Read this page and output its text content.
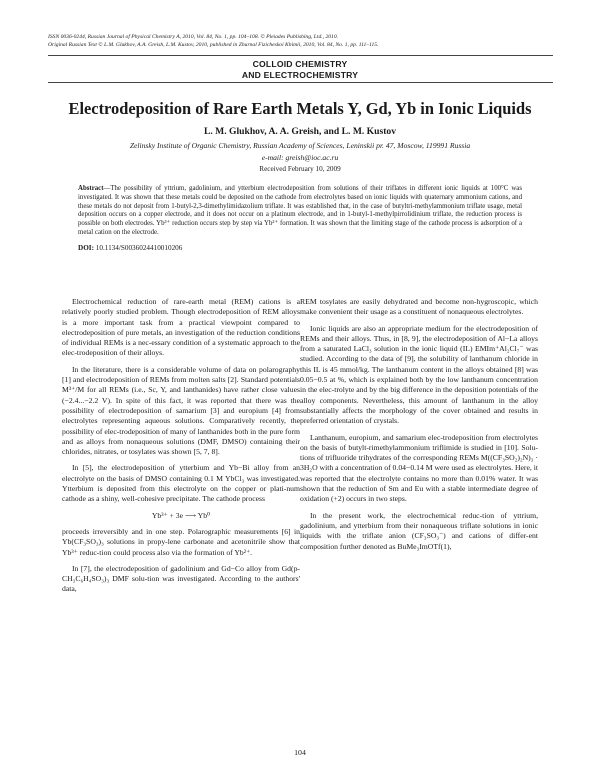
ISSN 0036-0244, Russian Journal of Physical Chemistry A, 2010, Vol. 84, No. 1, pp. 104–108. © Pleiades Publishing, Ltd., 2010.
Original Russian Text © L.M. Glukhov, A.A. Greish, L.M. Kustov, 2010, published in Zhurnal Fizicheskoi Khimii, 2010, Vol. 84, No. 1, pp. 111–115.
COLLOID CHEMISTRY
AND ELECTROCHEMISTRY
Electrodeposition of Rare Earth Metals Y, Gd, Yb in Ionic Liquids
L. M. Glukhov, A. A. Greish, and L. M. Kustov
Zelinsky Institute of Organic Chemistry, Russian Academy of Sciences, Leninskii pr. 47, Moscow, 119991 Russia
e-mail: greish@ioc.ac.ru
Received February 10, 2009
Abstract—The possibility of yttrium, gadolinium, and ytterbium electrodeposition from solutions of their triflates in different ionic liquids at 100°C was investigated. It was shown that these metals could be deposited on the cathode from electrolytes based on ionic liquids with quaternary ammonium cations, and these metals do not deposit from 1-butyl-2,3-dimethylimidazolium triflate. It was established that, in the case of butyltri-methylammonium triflate usage, metal deposition occurs on a copper electrode, and it does not occur on a platinum electrode, and in 1-butyl-1-methylpirrolidinium triflate, the reduction process is possible on both electrodes. Yb³⁺ reduction occurs step by step via Yb²⁺ formation. It was shown that the limiting stage of the cathode process is adsorption of a metal cation on the electrode.
DOI: 10.1134/S0036024410010206

Electrochemical reduction of rare-earth metal (REM) cations is a relatively poorly studied problem. Though electrodeposition of REM alloys is a more important task from a practical viewpoint compared to electrodeposition of pure metals, an investigation of the reduction conditions of individual REMs is a nec-essary condition of a systematic approach to the elec-trodeposition of their alloys.

In the literature, there is a considerable volume of data on polarography [1] and electrodeposition of REMs from molten salts [2]. Standard potentials M³⁺/M for all REMs (i.e., Sc, Y, and lanthanides) have rather close values (−2.4...−2.2 V). In spite of this fact, it was reported that there was the possibility of electrodeposition of samarium [3] and europium [4] from electrolytes representing aqueous solutions. Comparatively recently, the possibility of elec-trodeposition of many of lanthanides both in the pure form and as alloys from nonaqueous solutions (DMF, DMSO) containing their chlorides, nitrates, or tosylates was shown [5, 7, 8].

In [5], the electrodeposition of ytterbium and Yb−Bi alloy from an electrolyte on the basis of DMSO containing 0.1 M YbCl₃ was investigated. Ytterbium is deposited from this electrolyte on the copper or plati-num cathode as a shiny, well-cohesive precipitate. The cathode process

Yb³⁺ + 3e ⟶ Yb⁰

proceeds irreversibly and in one step. Polarographic measurements [6] in Yb(CF₃SO₃)₃ solutions in propy-lene carbonate and acetonitrile show that Yb³⁺ reduc-tion could process also via the formation of Yb²⁺.

In [7], the electrodeposition of gadolinium and Gd−Co alloy from Gd(p-CH₃C₆H₄SO₃)₃ DMF solu-tion was investigated. According to the authors' data,

REM tosylates are easily dehydrated and become non-hygroscopic, which make convenient their usage as a constituent of nonaqueous electrolytes.

Ionic liquids are also an appropriate medium for the electrodeposition of REMs and their alloys. Thus, in [8, 9], the electrodeposition of Al−La alloys from a saturated LaCl₃ solution in the ionic liquid (IL) EMIm⁺Al₂Cl₇⁻ was studied. According to the data of [9], the solubility of lanthanum chloride in this IL is 45 mmol/kg. The lanthanum content in the alloys obtained [8] was 0.05−0.5 at %, which is explained both by the low lanthanum concentration in the elec-trolyte and by the big difference in the deposition potentials of the alloy components. Nevertheless, this amount of lanthanum in the alloy substantially affects the morphology of the cover obtained and results in preferred orientation of crystals.

Lanthanum, europium, and samarium elec-trodeposition from electrolytes on the basis of butylt-rimethylammonium triflimide is studied in [10]. Solu-tions of trifluoride trihydrates of the corresponding REMs M((CF₃SO₂)₂N)₃ · 3H₂O with a concentration of 0.04−0.14 M were used as electrolytes. Here, it was reported that the electrolyte contains no more than 0.01% water. It was shown that the reduction of Sm and Eu with a stable intermediate degree of oxidation (+2) occurs in two steps.

In the present work, the electrochemical reduc-tion of yttrium, gadolinium, and ytterbium from their nonaqueous triflate solutions in ionic liquids with the triflate anion (CF₃SO₃⁻) and cations of differ-ent composition further denoted as BuMe₃ImOTf(1),

104
